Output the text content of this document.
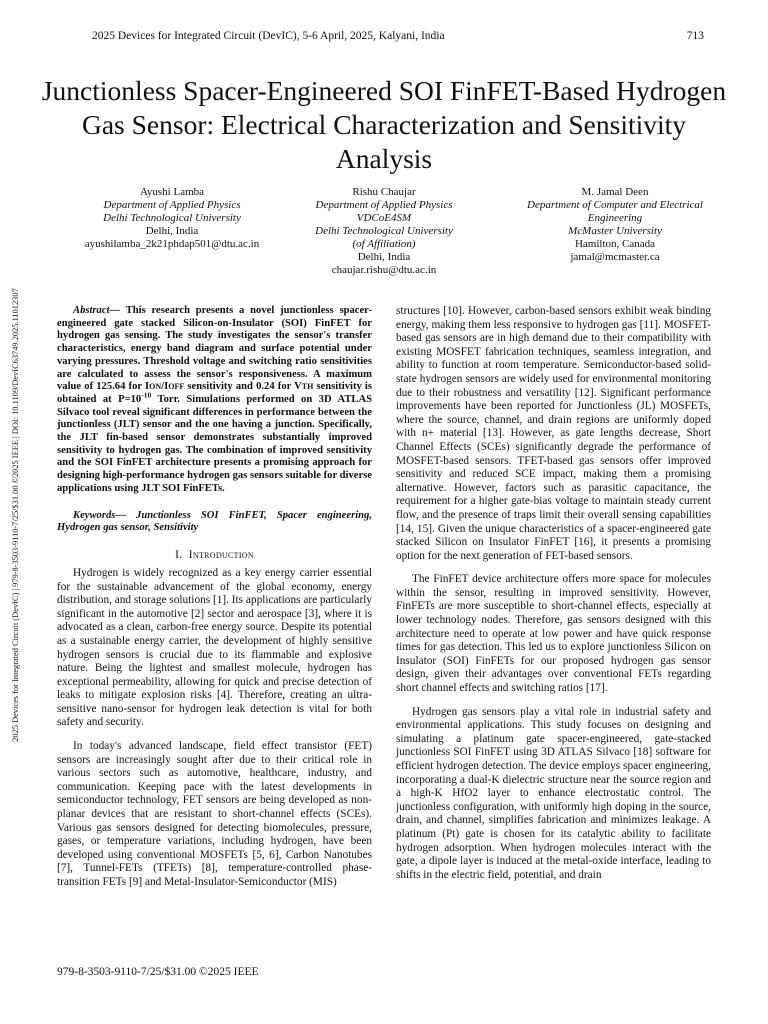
2025 Devices for Integrated Circuit (DevIC), 5-6 April, 2025, Kalyani, India	713
Junctionless Spacer-Engineered SOI FinFET-Based Hydrogen Gas Sensor: Electrical Characterization and Sensitivity Analysis
Ayushi Lamba
Department of Applied Physics
Delhi Technological University
Delhi, India
ayushilamba_2k21phdap501@dtu.ac.in
Rishu Chaujar
Department of Applied Physics
VDCoE4SM
Delhi Technological University
(of Affiliation)
Delhi, India
chaujar.rishu@dtu.ac.in
M. Jamal Deen
Department of Computer and Electrical
Engineering
McMaster University
Hamilton, Canada
jamal@mcmaster.ca
2025 Devices for Integrated Circuit (DevIC) | 979-8-3503-9110-7/25/$31.00 ©2025 IEEE | DOI: 10.1109/DevIC63749.2025.11012307	Abstract— This research presents a novel junctionless spacer-engineered gate stacked Silicon-on-Insulator (SOI) FinFET for hydrogen gas sensing. The study investigates the sensor's transfer characteristics, energy band diagram and surface potential under varying pressures. Threshold voltage and switching ratio sensitivities are calculated to assess the sensor's responsiveness. A maximum value of 125.64 for ION/IOFF sensitivity and 0.24 for VTH sensitivity is obtained at $P=10^{-10}$ Torr. Simulations performed on 3D ATLAS Silvaco tool reveal significant differences in performance between the junctionless (JLT) sensor and the one having a junction. Specifically, the JLT fin-based sensor demonstrates substantially improved sensitivity to hydrogen gas. The combination of improved sensitivity and the SOI FinFET architecture presents a promising approach for designing high-performance hydrogen gas sensors suitable for diverse applications using JLT SOI FinFETs.

Keywords— Junctionless SOI FinFET, Spacer engineering, Hydrogen gas sensor, Sensitivity

I. Introduction

Hydrogen is widely recognized as a key energy carrier essential for the sustainable advancement of the global economy, energy distribution, and storage solutions [1]. Its applications are particularly significant in the automotive [2] sector and aerospace [3], where it is advocated as a clean, carbon-free energy source. Despite its potential as a sustainable energy carrier, the development of highly sensitive hydrogen sensors is crucial due to its flammable and explosive nature. Being the lightest and smallest molecule, hydrogen has exceptional permeability, allowing for quick and precise detection of leaks to mitigate explosion risks [4]. Therefore, creating an ultra-sensitive nano-sensor for hydrogen leak detection is vital for both safety and security.

In today's advanced landscape, field effect transistor (FET) sensors are increasingly sought after due to their critical role in various sectors such as automotive, healthcare, industry, and communication. Keeping pace with the latest developments in semiconductor technology, FET sensors are being developed as non-planar devices that are resistant to short-channel effects (SCEs). Various gas sensors designed for detecting biomolecules, pressure, gases, or temperature variations, including hydrogen, have been developed using conventional MOSFETs [5, 6], Carbon Nanotubes [7], Tunnel-FETs (TFETs) [8], temperature-controlled phase-transition FETs [9] and Metal-Insulator-Semiconductor (MIS)

structures [10]. However, carbon-based sensors exhibit weak binding energy, making them less responsive to hydrogen gas [11]. MOSFET-based gas sensors are in high demand due to their compatibility with existing MOSFET fabrication techniques, seamless integration, and ability to function at room temperature. Semiconductor-based solid-state hydrogen sensors are widely used for environmental monitoring due to their robustness and versatility [12]. Significant performance improvements have been reported for Junctionless (JL) MOSFETs, where the source, channel, and drain regions are uniformly doped with n+ material [13]. However, as gate lengths decrease, Short Channel Effects (SCEs) significantly degrade the performance of MOSFET-based sensors. TFET-based gas sensors offer improved sensitivity and reduced SCE impact, making them a promising alternative. However, factors such as parasitic capacitance, the requirement for a higher gate-bias voltage to maintain steady current flow, and the presence of traps limit their overall sensing capabilities [14, 15]. Given the unique characteristics of a spacer-engineered gate stacked Silicon on Insulator FinFET [16], it presents a promising option for the next generation of FET-based sensors.

The FinFET device architecture offers more space for molecules within the sensor, resulting in improved sensitivity. However, FinFETs are more susceptible to short-channel effects, especially at lower technology nodes. Therefore, gas sensors designed with this architecture need to operate at low power and have quick response times for gas detection. This led us to explore junctionless Silicon on Insulator (SOI) FinFETs for our proposed hydrogen gas sensor design, given their advantages over conventional FETs regarding short channel effects and switching ratios [17].

Hydrogen gas sensors play a vital role in industrial safety and environmental applications. This study focuses on designing and simulating a platinum gate spacer-engineered, gate-stacked junctionless SOI FinFET using 3D ATLAS Silvaco [18] software for efficient hydrogen detection. The device employs spacer engineering, incorporating a dual-K dielectric structure near the source region and a high-K HfO2 layer to enhance electrostatic control. The junctionless configuration, with uniformly high doping in the source, drain, and channel, simplifies fabrication and minimizes leakage. A platinum (Pt) gate is chosen for its catalytic ability to facilitate hydrogen adsorption. When hydrogen molecules interact with the gate, a dipole layer is induced at the metal-oxide interface, leading to shifts in the electric field, potential, and drain

979-8-3503-9110-7/25/$31.00 ©2025 IEEE
